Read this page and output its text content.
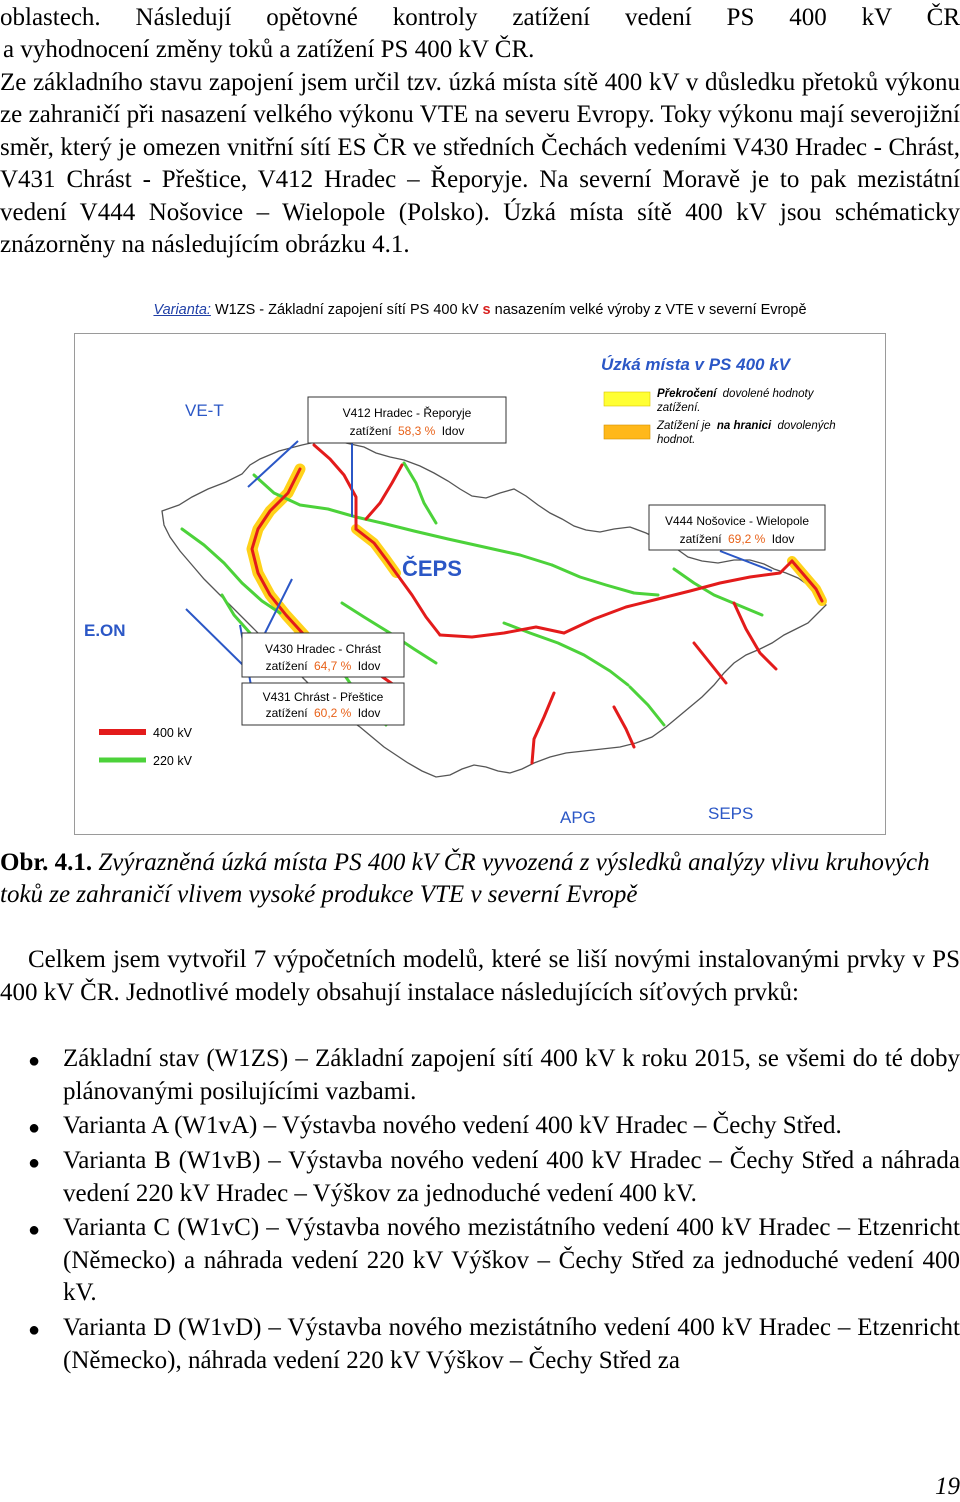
oblastech. Následují opětovné kontroly zatížení vedení PS 400 kV ČR
a vyhodnocení změny toků a zatížení PS 400 kV ČR.

Ze základního stavu zapojení jsem určil tzv. úzká místa sítě 400 kV v důsledku přetoků výkonu ze zahraničí při nasazení velkého výkonu VTE na severu Evropy. Toky výkonu mají severojižní směr, který je omezen vnitřní sítí ES ČR ve středních Čechách vedeními V430 Hradec - Chrást, V431 Chrást - Přeštice, V412 Hradec – Řeporyje. Na severní Moravě je to pak mezistátní vedení V444 Nošovice – Wielopole (Polsko). Úzká místa sítě 400 kV jsou schématicky znázorněny na následujícím obrázku 4.1.

Varianta: W1ZS - Základní zapojení sítí PS 400 kV s nasazením velké výroby z VTE v severní Evropě
Úzká místa v PS 400 kV
Překročení dovolené hodnoty
zatížení.
Zatížení je na hranici dovolených
hodnot.
VE-T
E.ON
ČEPS
APG	SEPS
400 kV
220 kV
V412 Hradec - Řeporyje
zatížení 58,3 % Idov
V444 Nošovice - Wielopole
zatížení 69,2 % Idov
V430 Hradec - Chrást
zatížení 64,7 % Idov
V431 Chrást - Přeštice
zatížení 60,2 % Idov
Obr. 4.1. Zvýrazněná úzká místa PS 400 kV ČR vyvozená z výsledků analýzy vlivu kruhových toků ze zahraničí vlivem vysoké produkce VTE v severní Evropě

Celkem jsem vytvořil 7 výpočetních modelů, které se liší novými instalovanými prvky v PS 400 kV ČR. Jednotlivé modely obsahují instalace následujících síťových prvků:

● Základní stav (W1ZS) – Základní zapojení sítí 400 kV k roku 2015, se všemi do té doby plánovanými posilujícími vazbami.
● Varianta A (W1vA) – Výstavba nového vedení 400 kV Hradec – Čechy Střed.
● Varianta B (W1vB) – Výstavba nového vedení 400 kV Hradec – Čechy Střed a náhrada vedení 220 kV Hradec – Výškov za jednoduché vedení 400 kV.
● Varianta C (W1vC) – Výstavba nového mezistátního vedení 400 kV Hradec – Etzenricht (Německo) a náhrada vedení 220 kV Výškov – Čechy Střed za jednoduché vedení 400 kV.
● Varianta D (W1vD) – Výstavba nového mezistátního vedení 400 kV Hradec – Etzenricht (Německo), náhrada vedení 220 kV Výškov – Čechy Střed za
19
